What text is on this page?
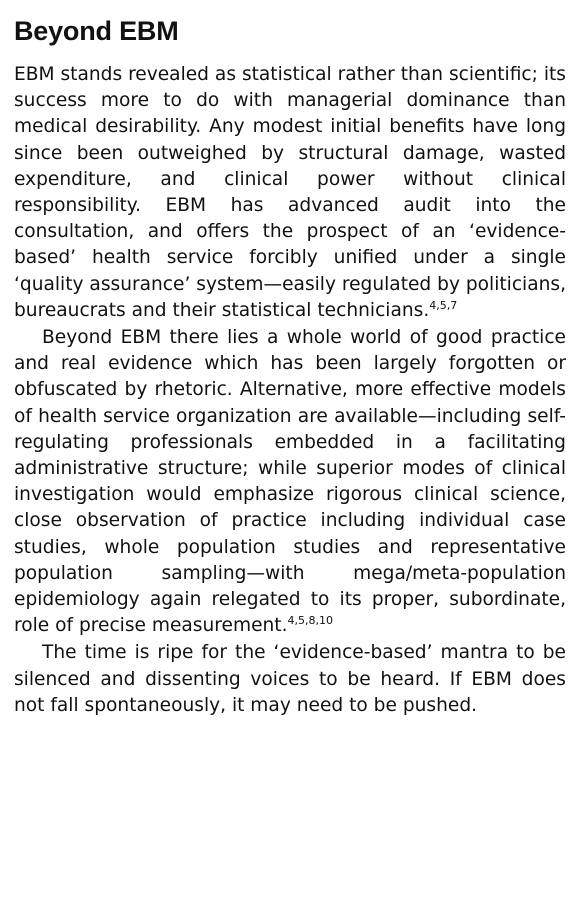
Beyond EBM

EBM stands revealed as statistical rather than scientific; its success more to do with managerial dominance than medical desirability. Any modest initial benefits have long since been outweighed by structural damage, wasted expenditure, and clinical power without clinical responsibility. EBM has advanced audit into the consultation, and offers the prospect of an ‘evidence-based’ health service forcibly unified under a single ‘quality assurance’ system—easily regulated by politicians, bureaucrats and their statistical technicians.$^{4,5,7}$

Beyond EBM there lies a whole world of good practice and real evidence which has been largely forgotten or obfuscated by rhetoric. Alternative, more effective models of health service organization are available—including self-regulating professionals embedded in a facilitating administrative structure; while superior modes of clinical investigation would emphasize rigorous clinical science, close observation of practice including individual case studies, whole population studies and representative population sampling—with mega/meta-population epidemiology again relegated to its proper, subordinate, role of precise measurement.$^{4,5,8,10}$

The time is ripe for the ‘evidence-based’ mantra to be silenced and dissenting voices to be heard. If EBM does not fall spontaneously, it may need to be pushed.
